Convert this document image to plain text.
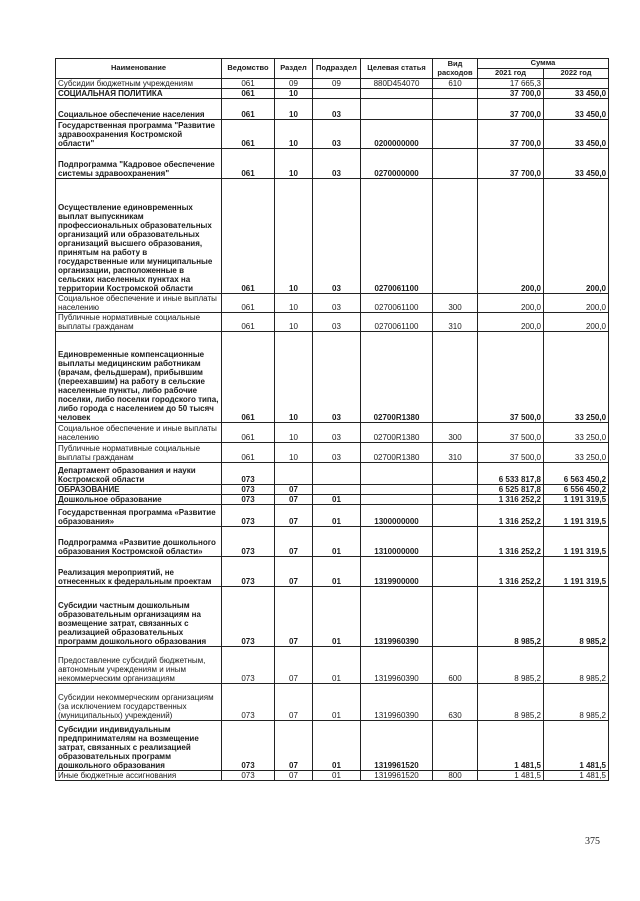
Наименование	Ведомство	Раздел	Подраздел	Целевая статья	Вид расходов	Сумма	
						2021 год	2022 год
Субсидии бюджетным учреждениям	061	09	09	880D454070	610	17 665,3	
СОЦИАЛЬНАЯ ПОЛИТИКА	061	10				37 700,0	33 450,0
Социальное обеспечение населения	061	10	03			37 700,0	33 450,0
Государственная программа "Развитие здравоохранения Костромской области"	061	10	03	0200000000		37 700,0	33 450,0
Подпрограмма "Кадровое обеспечение системы здравоохранения"	061	10	03	0270000000		37 700,0	33 450,0
Осуществление единовременных выплат выпускникам профессиональных образовательных организаций или образовательных организаций высшего образования, принятым на работу в государственные или муниципальные организации, расположенные в сельских населенных пунктах на территории Костромской области	061	10	03	0270061100		200,0	200,0
Социальное обеспечение и иные выплаты населению	061	10	03	0270061100	300	200,0	200,0
Публичные нормативные социальные выплаты гражданам	061	10	03	0270061100	310	200,0	200,0
Единовременные компенсационные выплаты медицинским работникам (врачам, фельдшерам), прибывшим (переехавшим) на работу в сельские населенные пункты, либо рабочие поселки, либо поселки городского типа, либо города с населением до 50 тысяч человек	061	10	03	02700R1380		37 500,0	33 250,0
Социальное обеспечение и иные выплаты населению	061	10	03	02700R1380	300	37 500,0	33 250,0
Публичные нормативные социальные выплаты гражданам	061	10	03	02700R1380	310	37 500,0	33 250,0
Департамент образования и науки Костромской области	073					6 533 817,8	6 563 450,2
ОБРАЗОВАНИЕ	073	07				6 525 817,8	6 556 450,2
Дошкольное образование	073	07	01			1 316 252,2	1 191 319,5
Государственная программа «Развитие образования»	073	07	01	1300000000		1 316 252,2	1 191 319,5
Подпрограмма «Развитие дошкольного образования Костромской области»	073	07	01	1310000000		1 316 252,2	1 191 319,5
Реализация мероприятий, не отнесенных к федеральным проектам	073	07	01	1319900000		1 316 252,2	1 191 319,5
Субсидии частным дошкольным образовательным организациям на возмещение затрат, связанных с реализацией образовательных программ дошкольного образования	073	07	01	1319960390		8 985,2	8 985,2
Предоставление субсидий бюджетным, автономным учреждениям и иным некоммерческим организациям	073	07	01	1319960390	600	8 985,2	8 985,2
Субсидии некоммерческим организациям (за исключением государственных (муниципальных) учреждений)	073	07	01	1319960390	630	8 985,2	8 985,2
Субсидии индивидуальным предпринимателям на возмещение затрат, связанных с реализацией образовательных программ дошкольного образования	073	07	01	1319961520		1 481,5	1 481,5
Иные бюджетные ассигнования	073	07	01	1319961520	800	1 481,5	1 481,5
375
